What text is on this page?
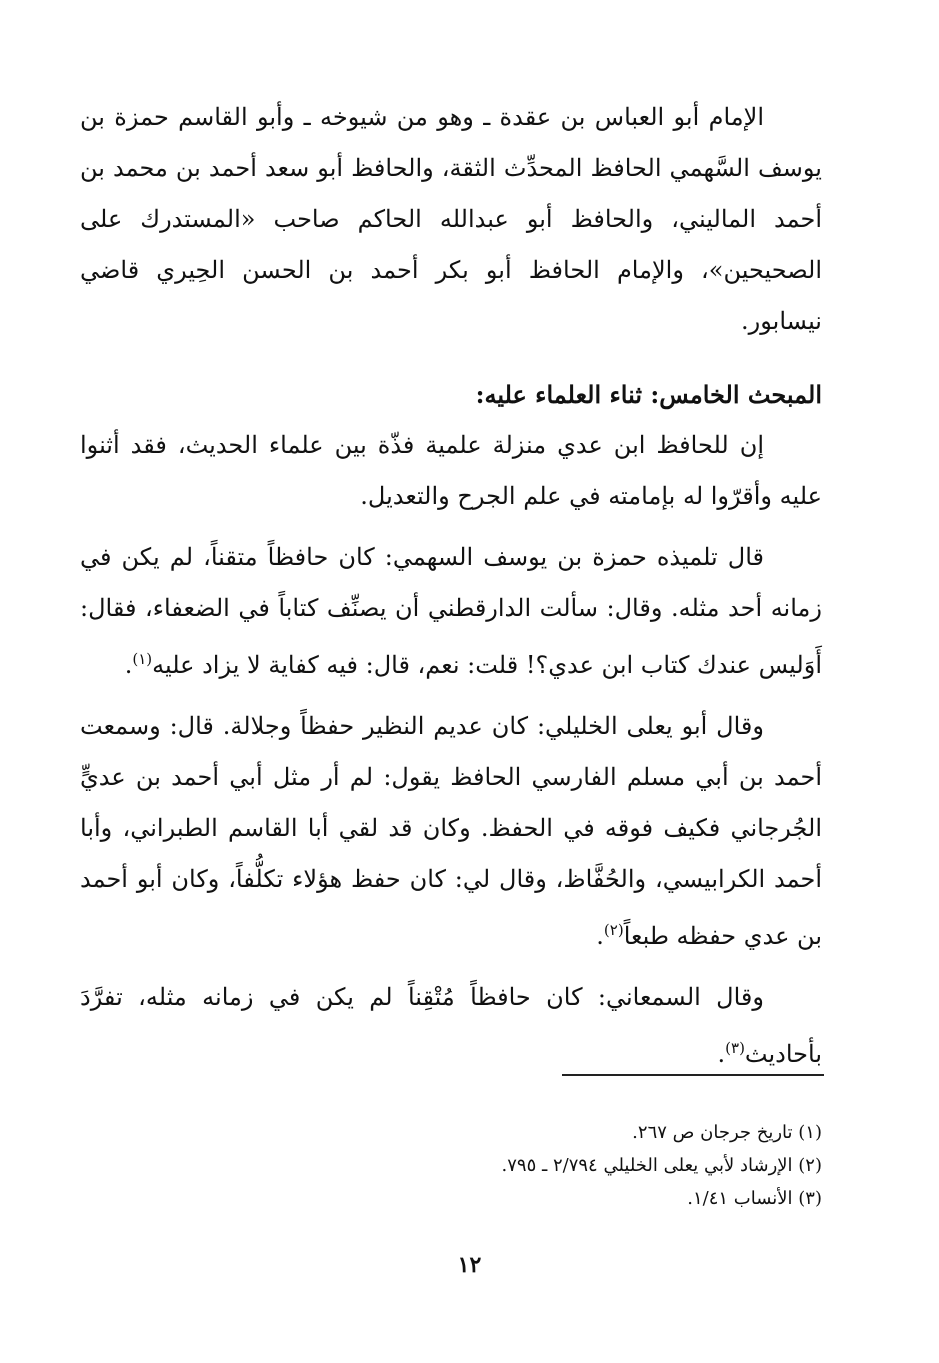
الإمام أبو العباس بن عقدة ـ وهو من شيوخه ـ وأبو القاسم حمزة بن يوسف السَّهمي الحافظ المحدِّث الثقة، والحافظ أبو سعد أحمد بن محمد بن أحمد الماليني، والحافظ أبو عبدالله الحاكم صاحب «المستدرك على الصحيحين»، والإمام الحافظ أبو بكر أحمد بن الحسن الحِيري قاضي نيسابور.

المبحث الخامس: ثناء العلماء عليه:

إن للحافظ ابن عدي منزلة علمية فذّة بين علماء الحديث، فقد أثنوا عليه وأقرّوا له بإمامته في علم الجرح والتعديل.

قال تلميذه حمزة بن يوسف السهمي: كان حافظاً متقناً، لم يكن في زمانه أحد مثله. وقال: سألت الدارقطني أن يصنِّف كتاباً في الضعفاء، فقال: أَوَليس عندك كتاب ابن عدي؟! قلت: نعم، قال: فيه كفاية لا يزاد عليه$^{(١)}$.

وقال أبو يعلى الخليلي: كان عديم النظير حفظاً وجلالة. قال: وسمعت أحمد بن أبي مسلم الفارسي الحافظ يقول: لم أر مثل أبي أحمد بن عديٍّ الجُرجاني فكيف فوقه في الحفظ. وكان قد لقي أبا القاسم الطبراني، وأبا أحمد الكرابيسي، والحُفَّاظ، وقال لي: كان حفظ هؤلاء تكلُّفاً، وكان أبو أحمد بن عدي حفظه طبعاً$^{(٢)}$.

وقال السمعاني: كان حافظاً مُتْقِناً لم يكن في زمانه مثله، تفرَّدَ بأحاديث$^{(٣)}$.

(١) تاريخ جرجان ص ٢٦٧.

(٢) الإرشاد لأبي يعلى الخليلي ٢/٧٩٤ ـ ٧٩٥.

(٣) الأنساب ١/٤١.

١٢
